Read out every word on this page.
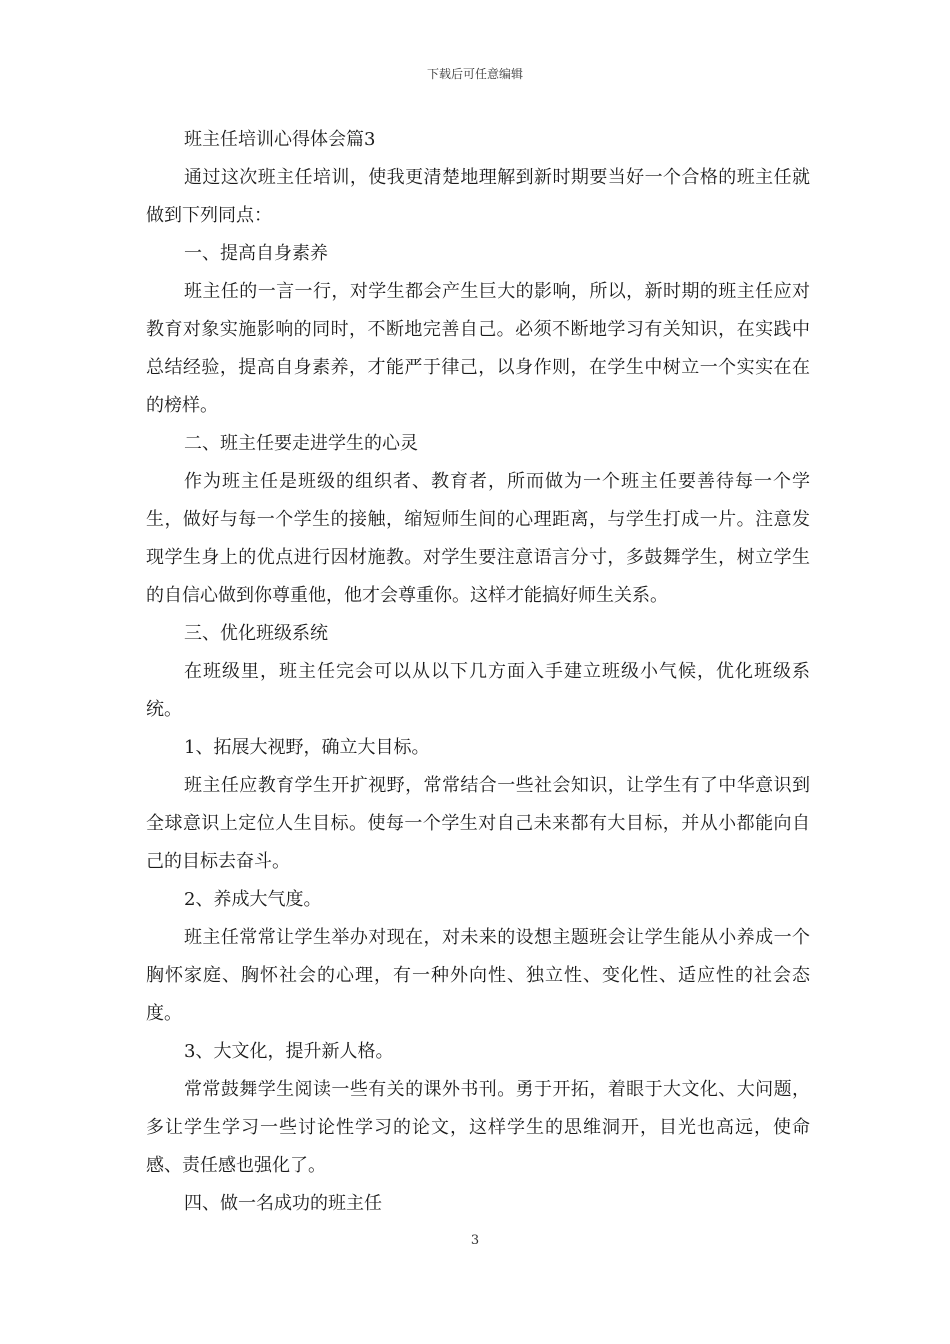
下载后可任意编辑

班主任培训心得体会篇3

通过这次班主任培训，使我更清楚地理解到新时期要当好一个合格的班主任就做到下列同点：

一、提高自身素养

班主任的一言一行，对学生都会产生巨大的影响，所以，新时期的班主任应对教育对象实施影响的同时，不断地完善自己。必须不断地学习有关知识，在实践中总结经验，提高自身素养，才能严于律己，以身作则，在学生中树立一个实实在在的榜样。

二、班主任要走进学生的心灵

作为班主任是班级的组织者、教育者，所而做为一个班主任要善待每一个学生，做好与每一个学生的接触，缩短师生间的心理距离，与学生打成一片。注意发现学生身上的优点进行因材施教。对学生要注意语言分寸，多鼓舞学生，树立学生的自信心做到你尊重他，他才会尊重你。这样才能搞好师生关系。

三、优化班级系统

在班级里，班主任完会可以从以下几方面入手建立班级小气候，优化班级系统。

1、拓展大视野，确立大目标。

班主任应教育学生开扩视野，常常结合一些社会知识，让学生有了中华意识到全球意识上定位人生目标。使每一个学生对自己未来都有大目标，并从小都能向自己的目标去奋斗。

2、养成大气度。

班主任常常让学生举办对现在，对未来的设想主题班会让学生能从小养成一个胸怀家庭、胸怀社会的心理，有一种外向性、独立性、变化性、适应性的社会态度。

3、大文化，提升新人格。

常常鼓舞学生阅读一些有关的课外书刊。勇于开拓，着眼于大文化、大问题，多让学生学习一些讨论性学习的论文，这样学生的思维洞开，目光也高远，使命感、责任感也强化了。

四、做一名成功的班主任

3
